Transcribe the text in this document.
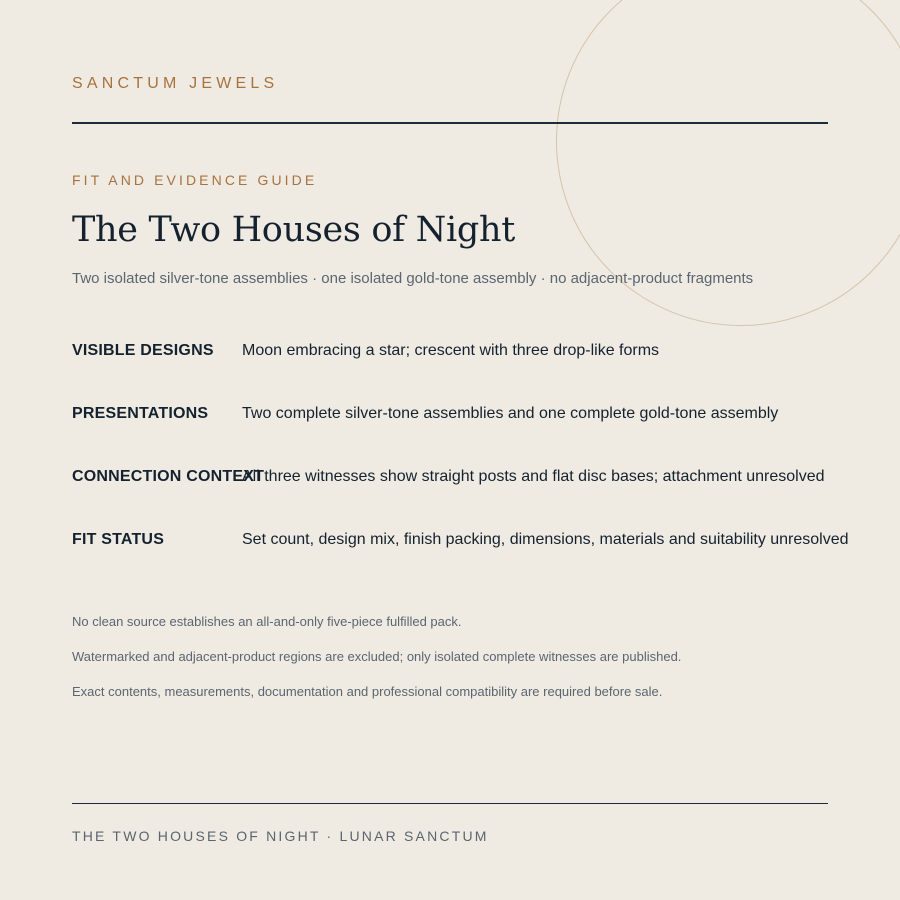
SANCTUM JEWELS
FIT AND EVIDENCE GUIDE
The Two Houses of Night
Two isolated silver-tone assemblies · one isolated gold-tone assembly · no adjacent-product fragments
VISIBLE DESIGNS Moon embracing a star; crescent with three drop-like forms
PRESENTATIONS Two complete silver-tone assemblies and one complete gold-tone assembly
CONNECTION CONTEXT
All three witnesses show straight posts and flat disc bases; attachment unresolved
FIT STATUS	Set count, design mix, finish packing, dimensions, materials and suitability unresolved
No clean source establishes an all-and-only five-piece fulfilled pack.
Watermarked and adjacent-product regions are excluded; only isolated complete witnesses are published.
Exact contents, measurements, documentation and professional compatibility are required before sale.
THE TWO HOUSES OF NIGHT · LUNAR SANCTUM
